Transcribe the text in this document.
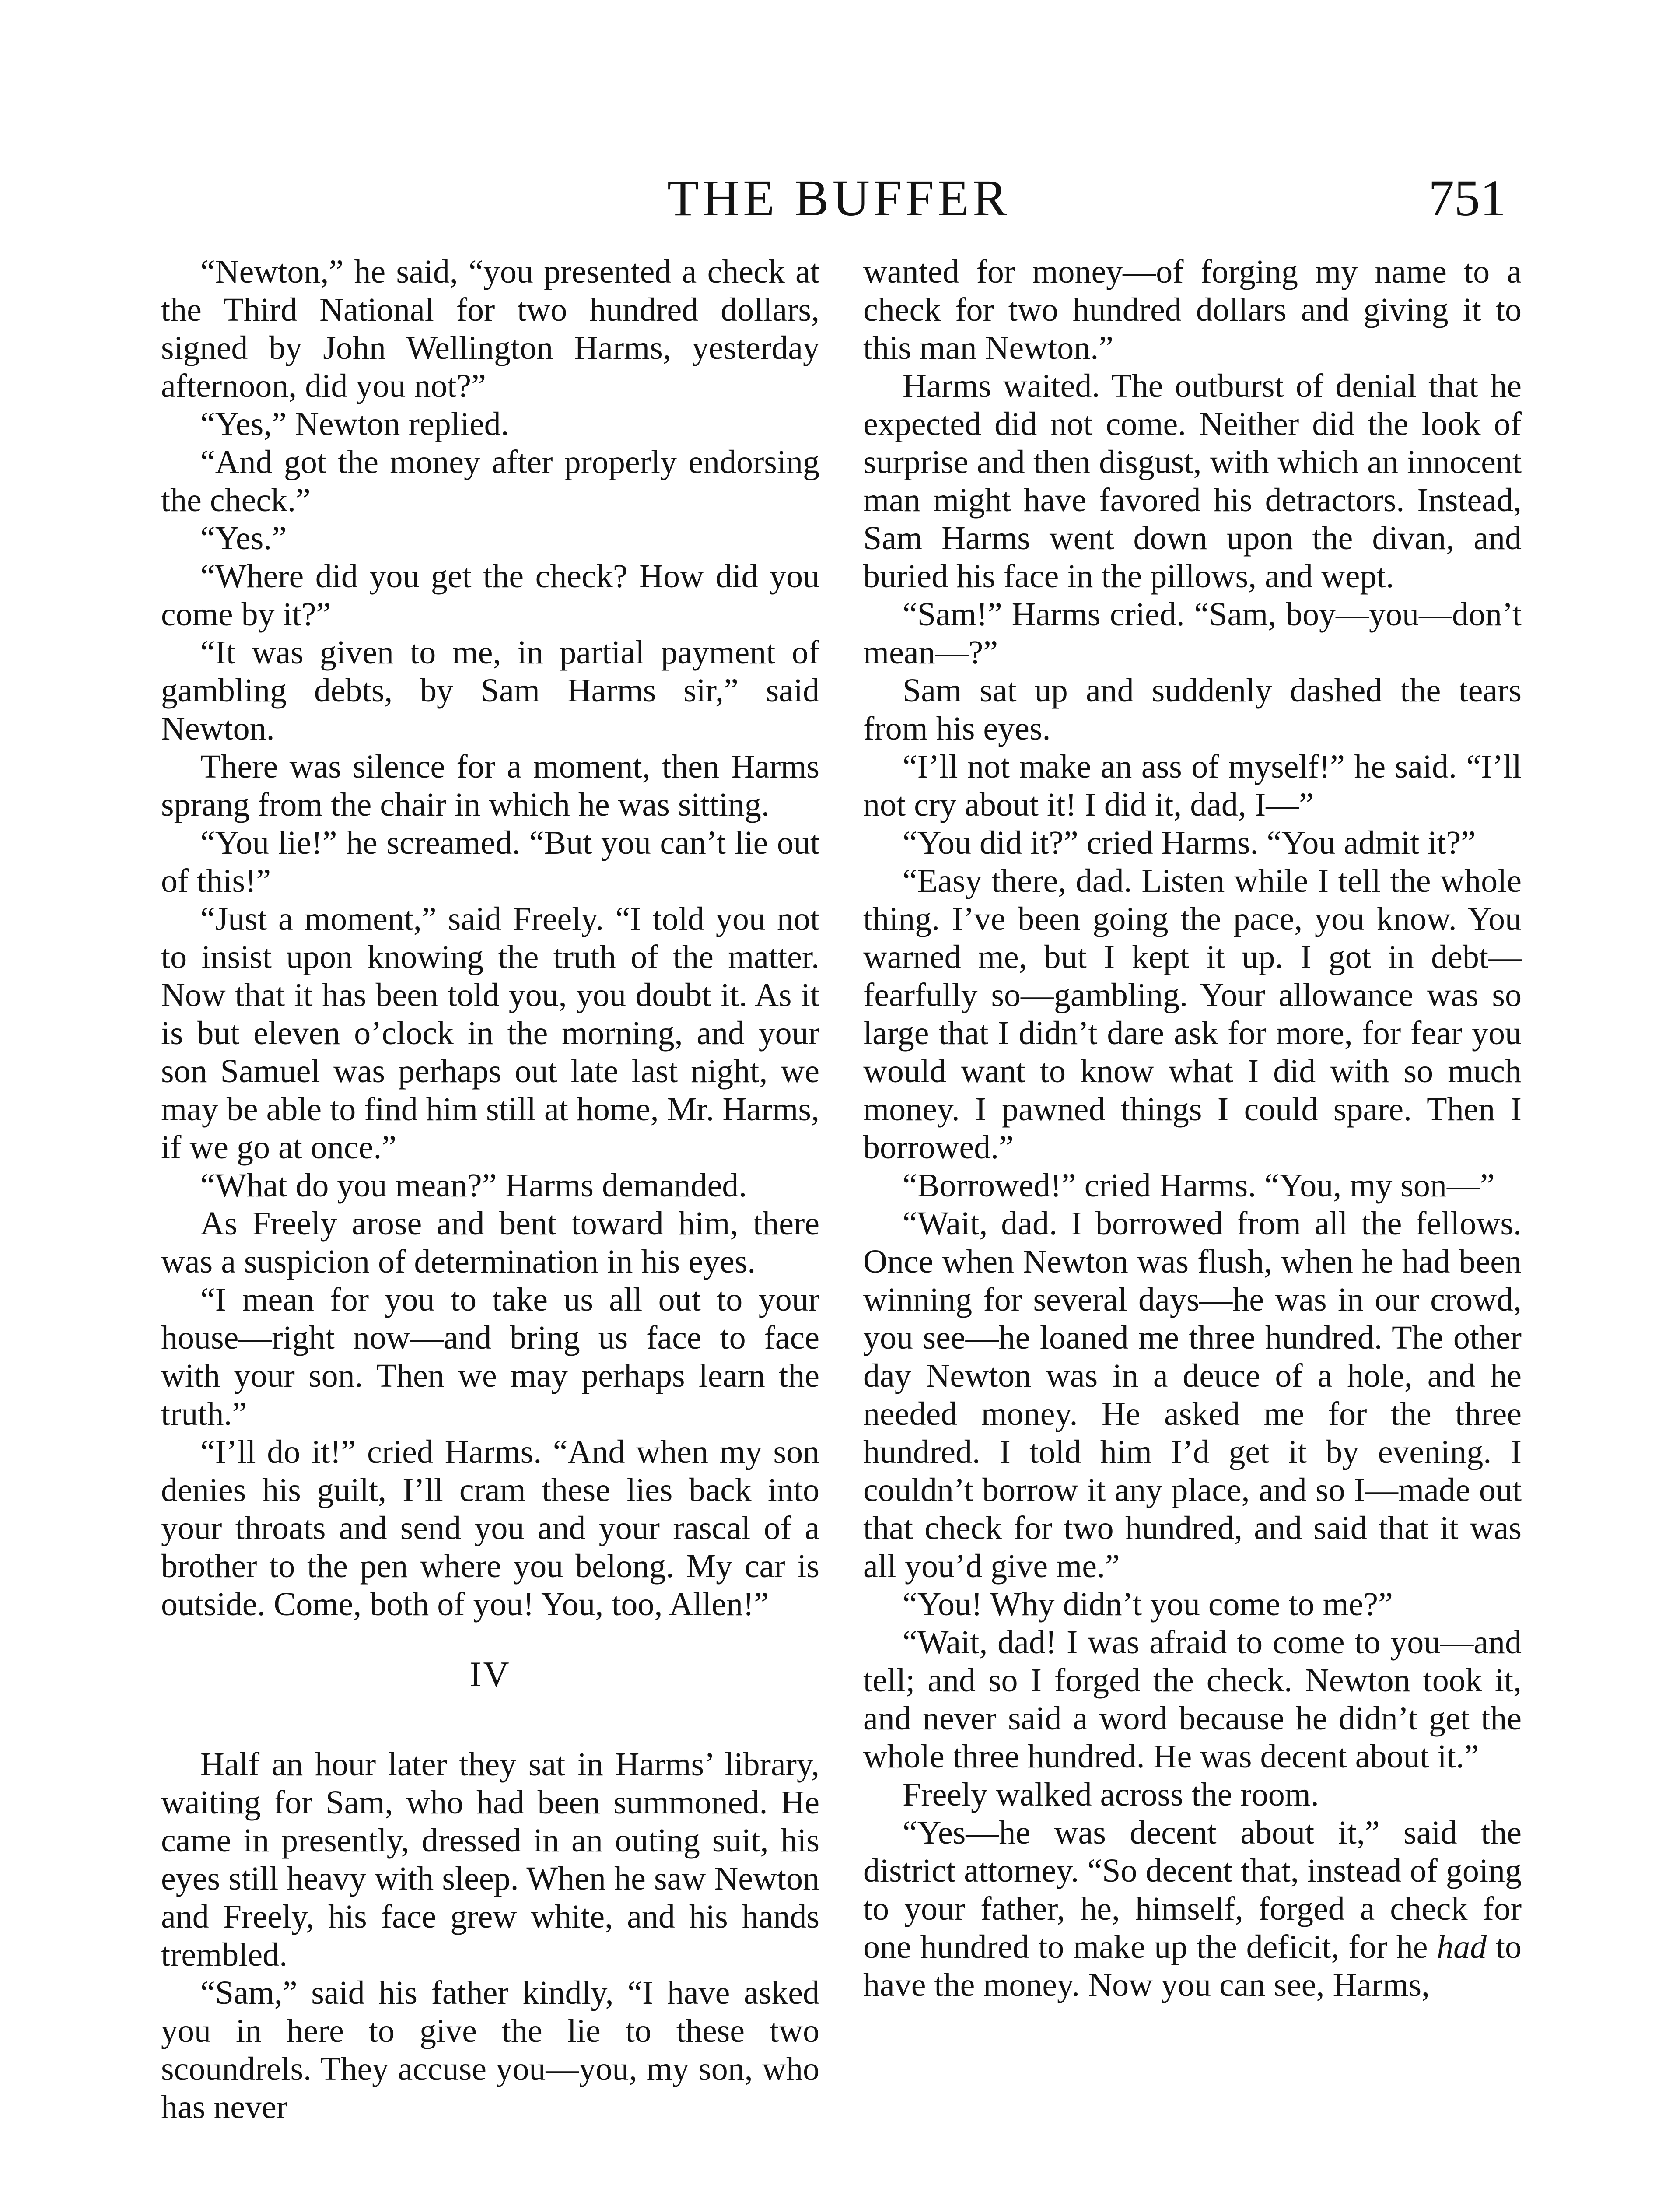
THE BUFFER	751

“Newton,” he said, “you presented a check at the Third National for two hundred dollars, signed by John Wellington Harms, yesterday afternoon, did you not?”

“Yes,” Newton replied.

“And got the money after properly endorsing the check.”

“Yes.”

“Where did you get the check? How did you come by it?”

“It was given to me, in partial payment of gambling debts, by Sam Harms sir,” said Newton.

There was silence for a moment, then Harms sprang from the chair in which he was sitting.

“You lie!” he screamed. “But you can’t lie out of this!”

“Just a moment,” said Freely. “I told you not to insist upon knowing the truth of the matter. Now that it has been told you, you doubt it. As it is but eleven o’clock in the morning, and your son Samuel was perhaps out late last night, we may be able to find him still at home, Mr. Harms, if we go at once.”

“What do you mean?” Harms demanded.

As Freely arose and bent toward him, there was a suspicion of determination in his eyes.

“I mean for you to take us all out to your house—right now—and bring us face to face with your son. Then we may perhaps learn the truth.”

“I’ll do it!” cried Harms. “And when my son denies his guilt, I’ll cram these lies back into your throats and send you and your rascal of a brother to the pen where you belong. My car is outside. Come, both of you! You, too, Allen!”

IV

Half an hour later they sat in Harms’ library, waiting for Sam, who had been summoned. He came in presently, dressed in an outing suit, his eyes still heavy with sleep. When he saw Newton and Freely, his face grew white, and his hands trembled.

“Sam,” said his father kindly, “I have asked you in here to give the lie to these two scoundrels. They accuse you—you, my son, who has never

wanted for money—of forging my name to a check for two hundred dollars and giving it to this man Newton.”

Harms waited. The outburst of denial that he expected did not come. Neither did the look of surprise and then disgust, with which an innocent man might have favored his detractors. Instead, Sam Harms went down upon the divan, and buried his face in the pillows, and wept.

“Sam!” Harms cried. “Sam, boy—you—don’t mean—?”

Sam sat up and suddenly dashed the tears from his eyes.

“I’ll not make an ass of myself!” he said. “I’ll not cry about it! I did it, dad, I—”

“You did it?” cried Harms. “You admit it?”

“Easy there, dad. Listen while I tell the whole thing. I’ve been going the pace, you know. You warned me, but I kept it up. I got in debt—fearfully so—gambling. Your allowance was so large that I didn’t dare ask for more, for fear you would want to know what I did with so much money. I pawned things I could spare. Then I borrowed.”

“Borrowed!” cried Harms. “You, my son—”

“Wait, dad. I borrowed from all the fellows. Once when Newton was flush, when he had been winning for several days—he was in our crowd, you see—he loaned me three hundred. The other day Newton was in a deuce of a hole, and he needed money. He asked me for the three hundred. I told him I’d get it by evening. I couldn’t borrow it any place, and so I—made out that check for two hundred, and said that it was all you’d give me.”

“You! Why didn’t you come to me?”

“Wait, dad! I was afraid to come to you—and tell; and so I forged the check. Newton took it, and never said a word because he didn’t get the whole three hundred. He was decent about it.”

Freely walked across the room.

“Yes—he was decent about it,” said the district attorney. “So decent that, instead of going to your father, he, himself, forged a check for one hundred to make up the deficit, for he had to have the money. Now you can see, Harms,
